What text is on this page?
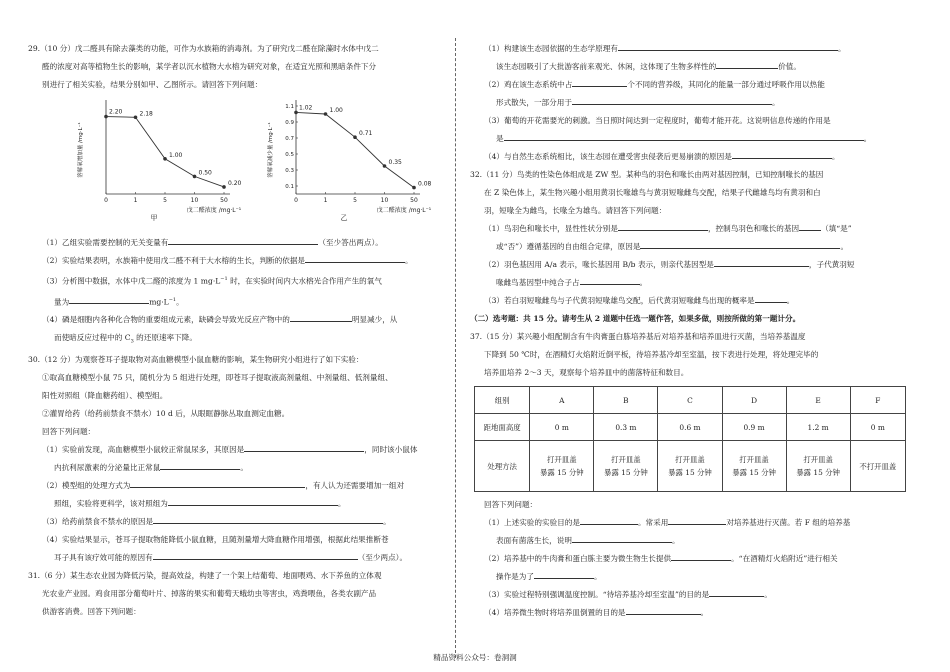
29.（10 分）戊二醛具有除去藻类的功能，可作为水族箱的消毒剂。为了研究戊二醛在除藻时水体中戊二

醛的浓度对高等植物生长的影响，某学者以沉水植物大水榕为研究对象，在适宜光照和黑暗条件下分

别进行了相关实验，结果分别如甲、乙图所示。请回答下列问题：

0	1	5	10	50
2.20	2.18
1.00
0.50
0.20
溶解氧增加量 /mg·L⁻¹
戊二醛浓度 /mg·L⁻¹
甲
0	1	5	10	50
1.1
0.9
0.7
0.5
0.3
0.1
1.02	1.00
0.71
0.35
0.08
溶解氧减少量 /mg·L⁻¹
戊二醛浓度 /mg·L⁻¹
乙

（1）乙组实验需要控制的无关变量有	（至少答出两点）。

（2）实验结果表明，水族箱中使用戊二醛不利于大水榕的生长，判断的依据是	。

（3）分析图中数据，水体中戊二醛的浓度为 1 $mg\cdot L^{-1}$ 时，在实验时间内大水榕光合作用产生的氧气

量为	$mg\cdot L^{-1}$。

（4）磷是细胞内各种化合物的重要组成元素，缺磷会导致光反应产物中的	明显减少，从

而使暗反应过程中的 $C_3$ 的还原速率下降。

30.（12 分）为观察苍耳子提取物对高血糖模型小鼠血糖的影响，某生物研究小组进行了如下实验：

①取高血糖模型小鼠 75 只，随机分为 5 组进行处理，即苍耳子提取液高剂量组、中剂量组、低剂量组、

阳性对照组（降血糖药组）、模型组。

②灌胃给药（给药前禁食不禁水）10 d 后，从眼眶静脉丛取血测定血糖。

回答下列问题：

（1）实验前发现，高血糖模型小鼠较正常鼠尿多，其原因是	，同时该小鼠体

内抗利尿激素的分泌量比正常鼠	。

（2）模型组的处理方式为	，有人认为还需要增加一组对

照组，实验将更科学，该对照组为	。

（3）给药前禁食不禁水的原因是	。

（4）实验结果显示，苍耳子提取物能降低小鼠血糖，且随剂量增大降血糖作用增强，根据此结果推断苍

耳子具有该疗效可能的原因有	（至少两点）。

31.（6 分）某生态农业园为降低污染，提高效益，构建了一个架上结葡萄、地面喂鸡、水下养鱼的立体观

光农业产业园。鸡食用部分葡萄叶片、掉落的果实和葡萄天蛾幼虫等害虫，鸡粪喂鱼，各类农副产品

供游客消费。回答下列问题：

（1）构建该生态园依据的生态学原理有	。

该生态园吸引了大批游客前来观光、休闲，这体现了生物多样性的	价值。

（2）鸡在该生态系统中占	个不同的营养级，其同化的能量一部分通过呼吸作用以热能

形式散失，一部分用于	。

（3）葡萄的开花需要光的刺激。当日照时间达到一定程度时，葡萄才能开花。这说明信息传递的作用是

是	。

（4）与自然生态系统相比，该生态园在遭受害虫侵袭后更易崩溃的原因是	。

32.（11 分）鸟类的性染色体组成是 ZW 型。某种鸟的羽色和喙长由两对基因控制，已知控制喙长的基因

在 Z 染色体上，某生物兴趣小组用黄羽长喙雄鸟与黄羽短喙雌鸟交配，结果子代雌雄鸟均有黄羽和白

羽，短喙全为雌鸟，长喙全为雄鸟。请回答下列问题：

（1）鸟羽色和喙长中，显性性状分别是	，控制鸟羽色和喙长的基因	（填“是”

或“否”）遵循基因的自由组合定律，原因是	。

（2）羽色基因用 A/a 表示，喙长基因用 B/b 表示，则亲代基因型是	，子代黄羽短

喙雌鸟基因型中纯合子占	。

（3）若白羽短喙雌鸟与子代黄羽短喙雄鸟交配，后代黄羽短喙雌鸟出现的概率是	。

（二）选考题：共 15 分。请考生从 2 道题中任选一题作答，如果多做，则按所做的第一题计分。

37.（15 分）某兴趣小组配制含有牛肉膏蛋白胨培养基后对培养基和培养皿进行灭菌，当培养基温度

下降到 50 ℃时，在酒精灯火焰附近倒平板，待培养基冷却至室温，按下表进行处理，将处理完毕的

培养皿培养 2～3 天，观察每个培养皿中的菌落特征和数目。

组别	A	B	C	D	E	F
距地面高度	0 m	0.3 m	0.6 m	0.9 m	1.2 m	0 m
处理方法	打开皿盖
暴露 15 分钟	打开皿盖
暴露 15 分钟	打开皿盖
暴露 15 分钟	打开皿盖
暴露 15 分钟	打开皿盖
暴露 15 分钟	不打开皿盖

回答下列问题：

（1）上述实验的实验目的是	。常采用	对培养基进行灭菌。若 F 组的培养基

表面有菌落生长，说明	。

（2）培养基中的牛肉膏和蛋白胨主要为微生物生长提供	。“在酒精灯火焰附近”进行相关

操作是为了	。

（3）实验过程特别强调温度控制。“待培养基冷却至室温”的目的是	。

（4）培养微生物时将培养皿倒置的目的是	。

精品资料公众号：卷洞洞
